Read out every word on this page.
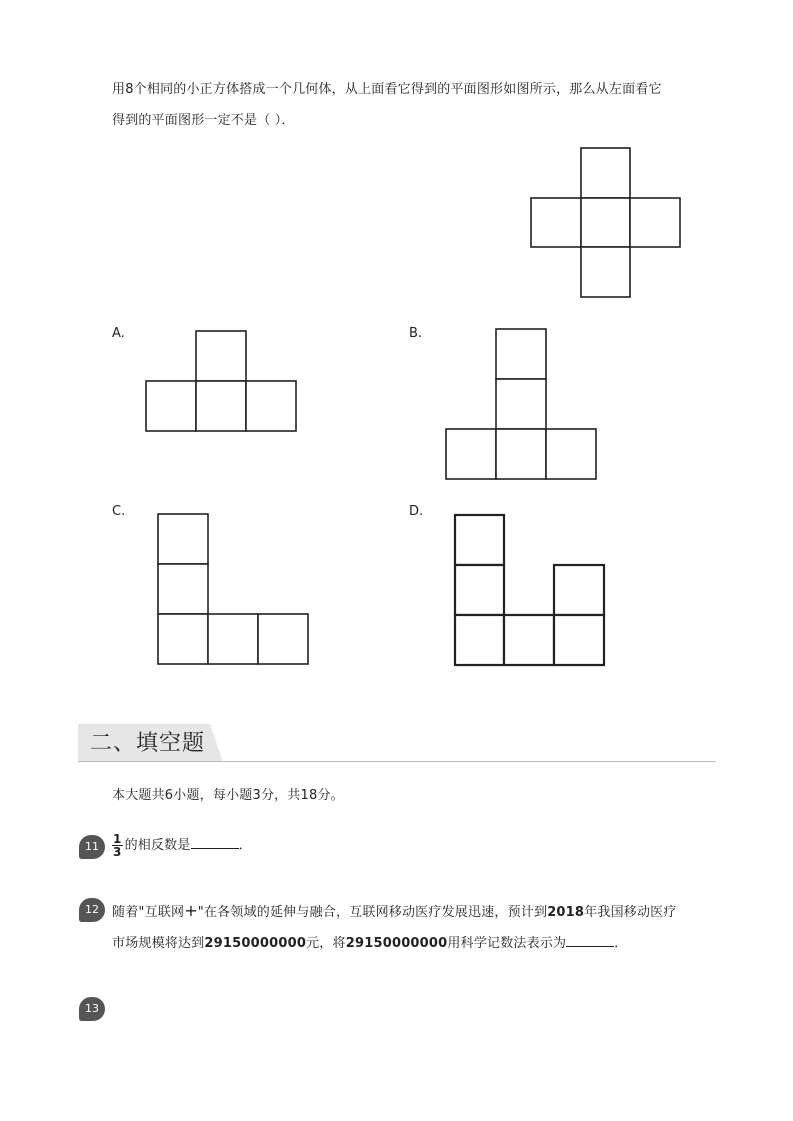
用8个相同的小正方体搭成一个几何体，从上面看它得到的平面图形如图所示，那么从左面看它
得到的平面图形一定不是（ ）．
A.	B.
C.	D.
二、填空题
本大题共6小题，每小题3分，共18分。
11	$\frac{1}{3}$ 的相反数是	．
12	随着"互联网+"在各领域的延伸与融合，互联网移动医疗发展迅速，预计到2018年我国移动医疗
市场规模将达到29150000000元，将29150000000用科学记数法表示为	．
13
